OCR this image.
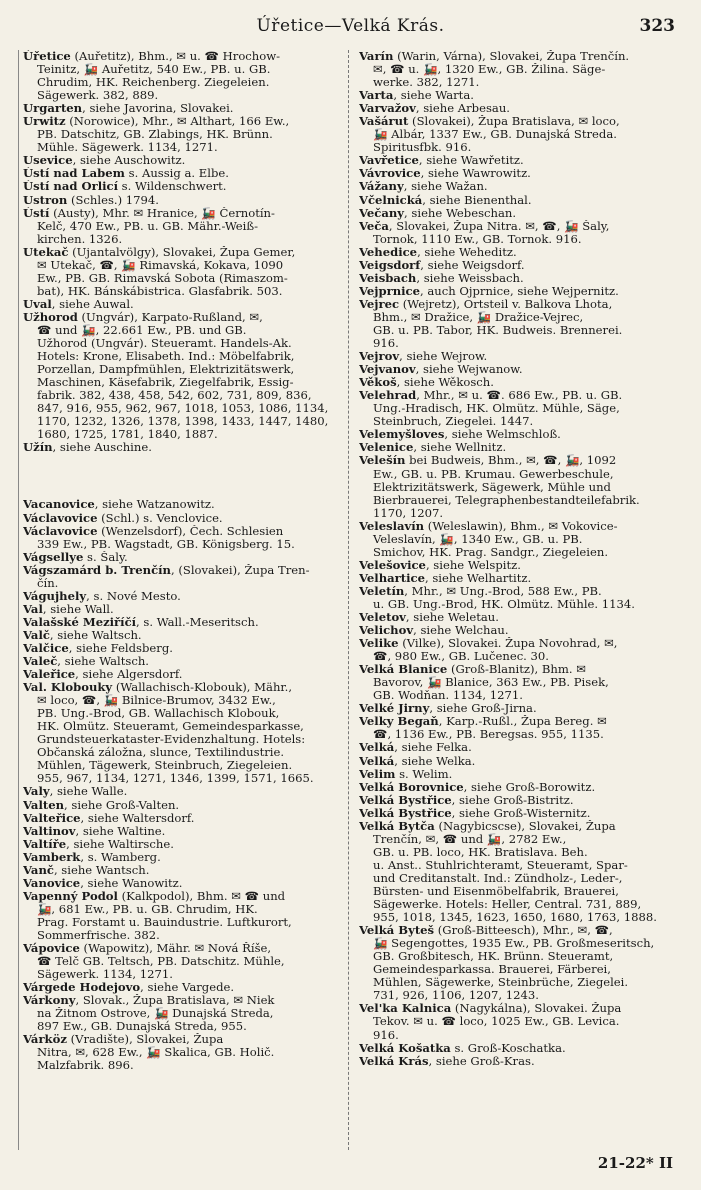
Úřetice—Velká Krás.	323
Úřetice (Auřetitz), Bhm., ✉ u. ☎ Hrochow-
Teinitz, 🚂 Auřetitz, 540 Ew., PB. u. GB.
Chrudim, HK. Reichenberg. Ziegeleien.
Sägewerk. 382, 889.
Urgarten, siehe Javorina, Slovakei.
Urwitz (Norowice), Mhr., ✉ Althart, 166 Ew.,
PB. Datschitz, GB. Zlabings, HK. Brünn.
Mühle. Sägewerk. 1134, 1271.
Usevice, siehe Auschowitz.
Ústí nad Labem s. Aussig a. Elbe.
Ústí nad Orlicí s. Wildenschwert.
Ustron (Schles.) 1794.
Ústí (Austy), Mhr. ✉ Hranice, 🚂 Černotín-
Kelč, 470 Ew., PB. u. GB. Mähr.-Weiß-
kirchen. 1326.
Utekač (Ujantalvölgy), Slovakei, Župa Gemer,
✉ Utekač, ☎, 🚂 Rimavská, Kokava, 1090
Ew., PB. GB. Rimavská Sobota (Rimaszom-
bat), HK. Bánskábistrica. Glasfabrik. 503.
Uval, siehe Auwal.
Užhorod (Ungvár), Karpato-Rußland, ✉,
☎ und 🚂, 22.661 Ew., PB. und GB.
Užhorod (Ungvár). Steueramt. Handels-Ak.
Hotels: Krone, Elisabeth. Ind.: Möbelfabrik,
Porzellan, Dampfmühlen, Elektrizitätswerk,
Maschinen, Käsefabrik, Ziegelfabrik, Essig-
fabrik. 382, 438, 458, 542, 602, 731, 809, 836,
847, 916, 955, 962, 967, 1018, 1053, 1086, 1134,
1170, 1232, 1326, 1378, 1398, 1433, 1447, 1480,
1680, 1725, 1781, 1840, 1887.
Užín, siehe Auschine.
Vacanovice, siehe Watzanowitz.
Václavovice (Schl.) s. Venclovice.
Václavovice (Wenzelsdorf), Čech. Schlesien
339 Ew., PB. Wagstadt, GB. Königsberg. 15.
Vágsellye s. Šaly.
Vágszamárd b. Trenčín, (Slovakei), Župa Tren-
čín.
Vágujhely, s. Nové Mesto.
Val, siehe Wall.
Valašské Meziříčí, s. Wall.-Meseritsch.
Valč, siehe Waltsch.
Valčice, siehe Feldsberg.
Valeč, siehe Waltsch.
Valeřice, siehe Algersdorf.
Val. Klobouky (Wallachisch-Klobouk), Mähr.,
✉ loco, ☎, 🚂 Bilnice-Brumov, 3432 Ew.,
PB. Ung.-Brod, GB. Wallachisch Klobouk,
HK. Olmütz. Steueramt, Gemeindesparkasse,
Grundsteuerkataster-Evidenzhaltung. Hotels:
Občanská záložna, slunce, Textilindustrie.
Mühlen, Tägewerk, Steinbruch, Ziegeleien.
955, 967, 1134, 1271, 1346, 1399, 1571, 1665.
Valy, siehe Walle.
Valten, siehe Groß-Valten.
Valteřice, siehe Waltersdorf.
Valtinov, siehe Waltine.
Valtíře, siehe Waltirsche.
Vamberk, s. Wamberg.
Vanč, siehe Wantsch.
Vanovice, siehe Wanowitz.
Vapenný Podol (Kalkpodol), Bhm. ✉ ☎ und
🚂, 681 Ew., PB. u. GB. Chrudim, HK.
Prag. Forstamt u. Bauindustrie. Luftkurort,
Sommerfrische. 382.
Vápovice (Wapowitz), Mähr. ✉ Nová Říše,
☎ Telč GB. Teltsch, PB. Datschitz. Mühle,
Sägewerk. 1134, 1271.
Várgede Hodejovo, siehe Vargede.
Várkony, Slovak., Župa Bratislava, ✉ Niek
na Žitnom Ostrove, 🚂 Dunajská Streda,
897 Ew., GB. Dunajská Streda, 955.
Várköz (Vradište), Slovakei, Župa
Nitra, ✉, 628 Ew., 🚂 Skalica, GB. Holič.
Malzfabrik. 896.
Varín (Warin, Várna), Slovakei, Župa Trenčín.
✉, ☎ u. 🚂, 1320 Ew., GB. Žilina. Säge-
werke. 382, 1271.
Varta, siehe Warta.
Varvažov, siehe Arbesau.
Vašárut (Slovakei), Župa Bratislava, ✉ loco,
🚂 Albár, 1337 Ew., GB. Dunajská Streda.
Spiritusfbk. 916.
Vavřetice, siehe Wawřetitz.
Vávrovice, siehe Wawrowitz.
Vážany, siehe Wažan.
Včelnická, siehe Bienenthal.
Večany, siehe Webeschan.
Veča, Slovakei, Župa Nitra. ✉, ☎, 🚂 Šaly,
Tornok, 1110 Ew., GB. Tornok. 916.
Vehedice, siehe Weheditz.
Veigsdorf, siehe Weigsdorf.
Veisbach, siehe Weissbach.
Vejprnice, auch Ojprnice, siehe Wejpernitz.
Vejrec (Wejretz), Ortsteil v. Balkova Lhota,
Bhm., ✉ Dražice, 🚂 Dražice-Vejrec,
GB. u. PB. Tabor, HK. Budweis. Brennerei.
916.
Vejrov, siehe Wejrow.
Vejvanov, siehe Wejwanow.
Věkoš, siehe Wěkosch.
Velehrad, Mhr., ✉ u. ☎. 686 Ew., PB. u. GB.
Ung.-Hradisch, HK. Olmütz. Mühle, Säge,
Steinbruch, Ziegelei. 1447.
Velemyšloves, siehe Welmschloß.
Velenice, siehe Wellnitz.
Velešín bei Budweis, Bhm., ✉, ☎, 🚂, 1092
Ew., GB. u. PB. Krumau. Gewerbeschule,
Elektrizitätswerk, Sägewerk, Mühle und
Bierbrauerei, Telegraphenbestandteilefabrik.
1170, 1207.
Veleslavín (Weleslawin), Bhm., ✉ Vokovice-
Veleslavín, 🚂, 1340 Ew., GB. u. PB.
Smichov, HK. Prag. Sandgr., Ziegeleien.
Velešovice, siehe Welspitz.
Velhartice, siehe Welhartitz.
Veletín, Mhr., ✉ Ung.-Brod, 588 Ew., PB.
u. GB. Ung.-Brod, HK. Olmütz. Mühle. 1134.
Veletov, siehe Weletau.
Velichov, siehe Welchau.
Velike (Vilke), Slovakei. Župa Novohrad, ✉,
☎, 980 Ew., GB. Lučenec. 30.
Velká Blanice (Groß-Blanitz), Bhm. ✉
Bavorov, 🚂 Blanice, 363 Ew., PB. Pisek,
GB. Wodňan. 1134, 1271.
Velké Jirny, siehe Groß-Jirna.
Velky Begaň, Karp.-Rußl., Župa Bereg. ✉
☎, 1136 Ew., PB. Beregsas. 955, 1135.
Velká, siehe Felka.
Velká, siehe Welka.
Velim s. Welim.
Velká Borovnice, siehe Groß-Borowitz.
Velká Bystřice, siehe Groß-Bistritz.
Velká Bystřice, siehe Groß-Wisternitz.
Velká Bytča (Nagybicscse), Slovakei, Župa
Trenčín, ✉, ☎ und 🚂, 2782 Ew.,
GB. u. PB. loco, HK. Bratislava. Beh.
u. Anst.. Stuhlrichteramt, Steueramt, Spar-
und Creditanstalt. Ind.: Zündholz-, Leder-,
Bürsten- und Eisenmöbelfabrik, Brauerei,
Sägewerke. Hotels: Heller, Central. 731, 889,
955, 1018, 1345, 1623, 1650, 1680, 1763, 1888.
Velká Byteš (Groß-Bitteesch), Mhr., ✉, ☎,
🚂 Segengottes, 1935 Ew., PB. Großmeseritsch,
GB. Großbitesch, HK. Brünn. Steueramt,
Gemeindesparkassa. Brauerei, Färberei,
Mühlen, Sägewerke, Steinbrüche, Ziegelei.
731, 926, 1106, 1207, 1243.
Vel'ka Kalnica (Nagykálna), Slovakei. Župa
Tekov. ✉ u. ☎ loco, 1025 Ew., GB. Levica.
916.
Velká Košatka s. Groß-Koschatka.
Velká Krás, siehe Groß-Kras.
21-22* II
